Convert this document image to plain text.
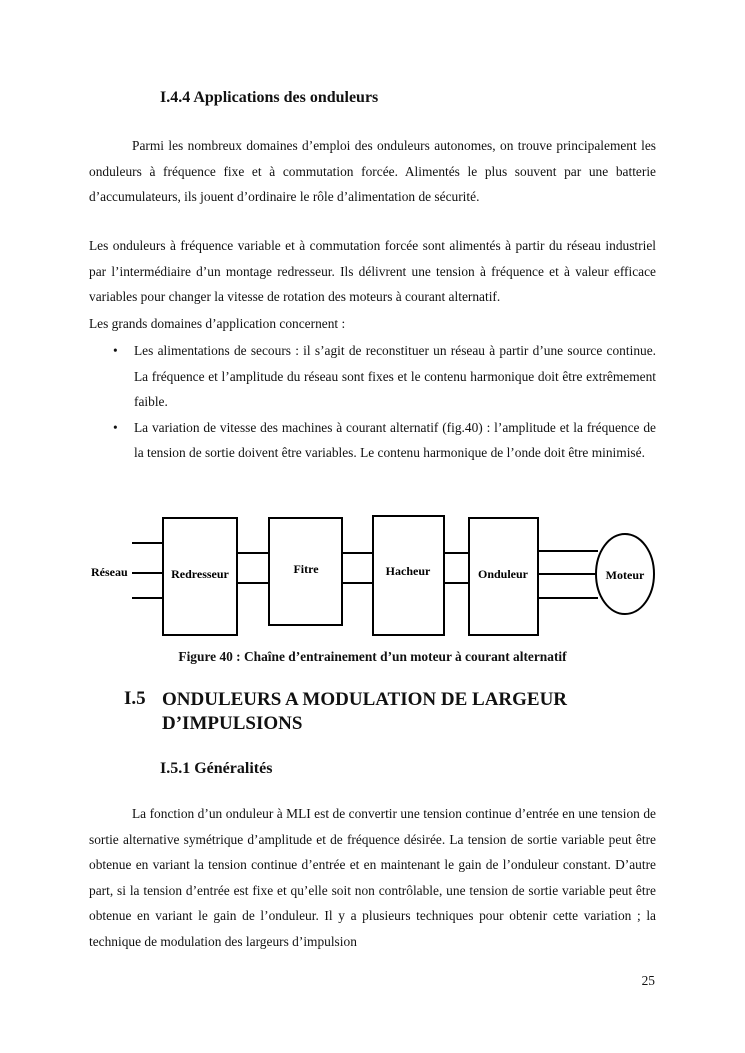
I.4.4 Applications des onduleurs

Parmi les nombreux domaines d’emploi des onduleurs autonomes, on trouve principalement les onduleurs à fréquence fixe et à commutation forcée. Alimentés le plus souvent par une batterie d’accumulateurs, ils jouent d’ordinaire le rôle d’alimentation de sécurité.

Les onduleurs à fréquence variable et à commutation forcée sont alimentés à partir du réseau industriel par l’intermédiaire d’un montage redresseur. Ils délivrent une tension à fréquence et à valeur efficace variables pour changer la vitesse de rotation des moteurs à courant alternatif.

Les grands domaines d’application concernent :

• Les alimentations de secours : il s’agit de reconstituer un réseau à partir d’une source continue. La fréquence et l’amplitude du réseau sont fixes et le contenu harmonique doit être extrêmement faible.
• La variation de vitesse des machines à courant alternatif (fig.40) : l’amplitude et la fréquence de la tension de sortie doivent être variables. Le contenu harmonique de l’onde doit être minimisé.
Réseau	Redresseur	Fitre	Hacheur	Onduleur	Moteur

Figure 40 : Chaîne d’entrainement d’un moteur à courant alternatif

I.5 ONDULEURS A MODULATION DE LARGEUR
D’IMPULSIONS
I.5.1 Généralités

La fonction d’un onduleur à MLI est de convertir une tension continue d’entrée en une tension de sortie alternative symétrique d’amplitude et de fréquence désirée. La tension de sortie variable peut être obtenue en variant la tension continue d’entrée et en maintenant le gain de l’onduleur constant. D’autre part, si la tension d’entrée est fixe et qu’elle soit non contrôlable, une tension de sortie variable peut être obtenue en variant le gain de l’onduleur. Il y a plusieurs techniques pour obtenir cette variation ; la technique de modulation des largeurs d’impulsion

25
